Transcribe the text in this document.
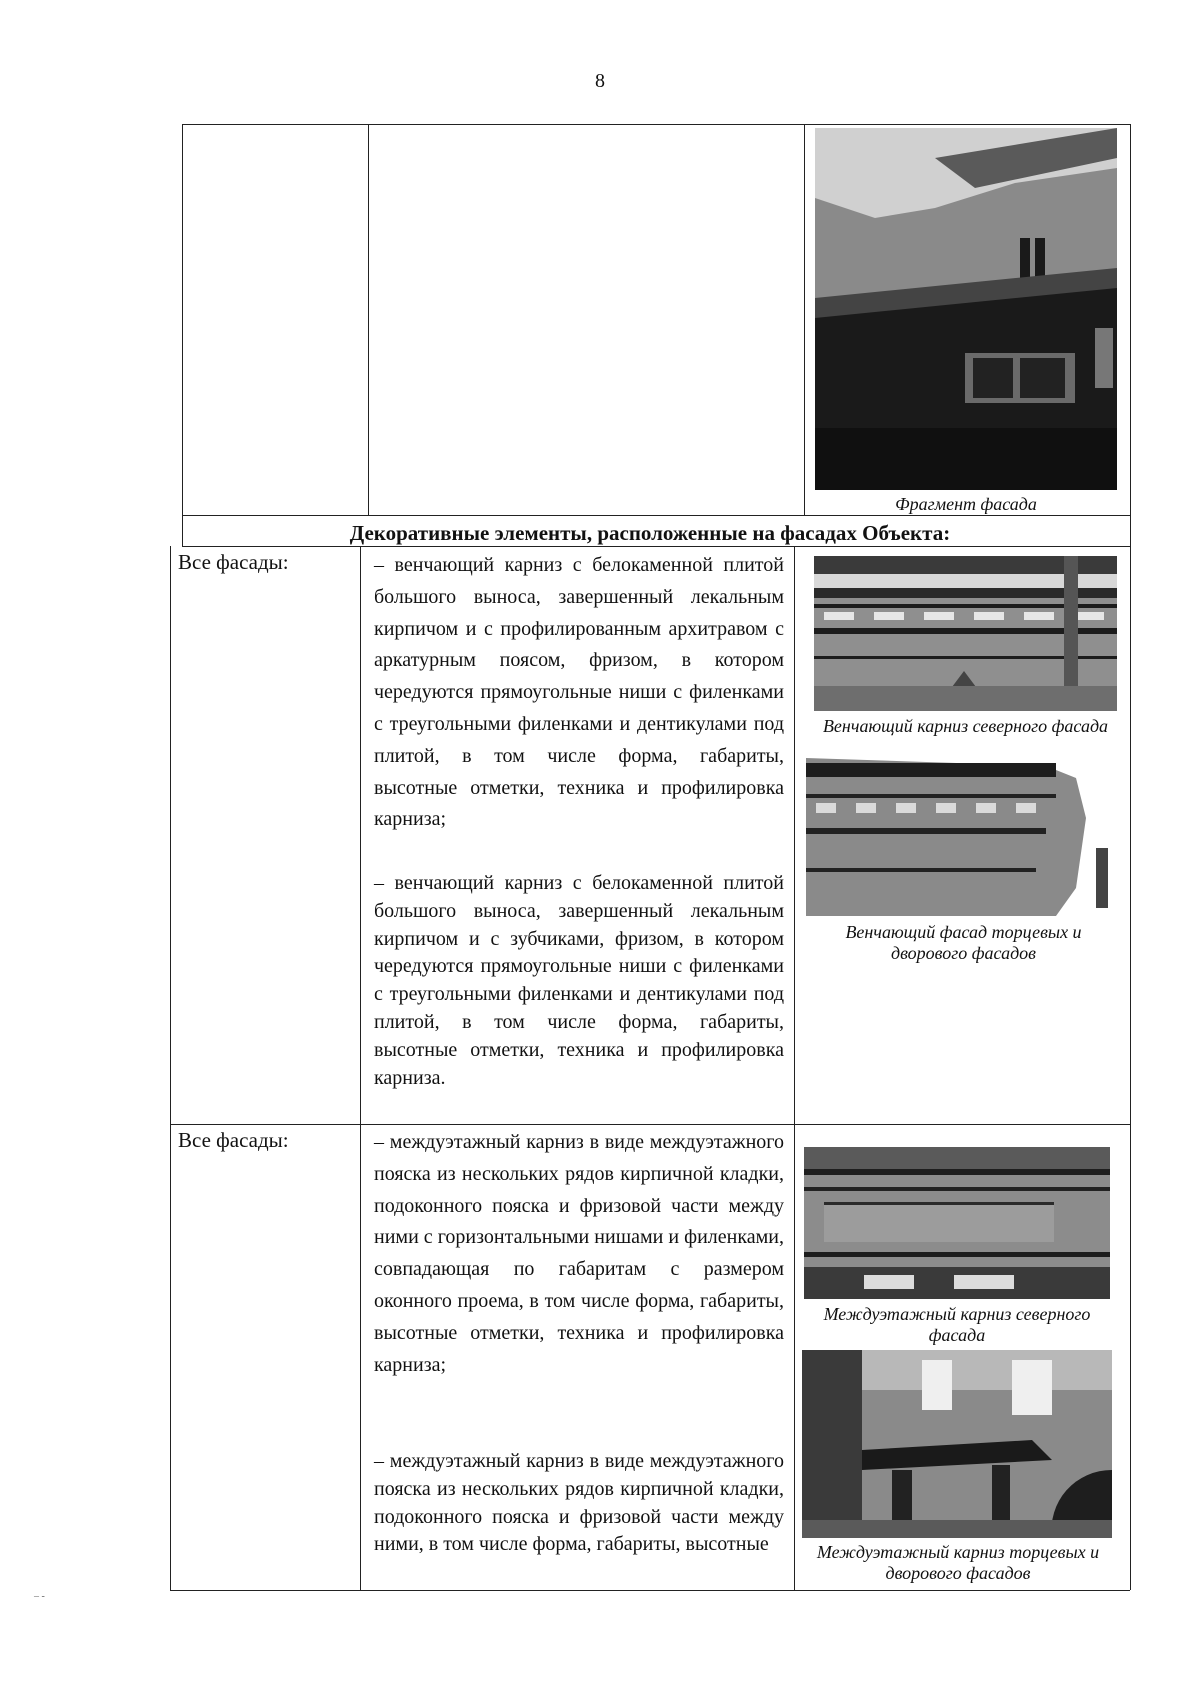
8
Фрагмент фасада
Декоративные элементы, расположенные на фасадах Объекта:
Все фасады:	– венчающий карниз с белокаменной плитой большого выноса, завершенный лекальным кирпичом и с профилированным архитравом с аркатурным поясом, фризом, в котором чередуются прямоугольные ниши с филенками с треугольными филенками и дентикулами под плитой, в том числе форма, габариты, высотные отметки, техника и профилировка карниза;

– венчающий карниз с белокаменной плитой большого выноса, завершенный лекальным кирпичом и с зубчиками, фризом, в котором чередуются прямоугольные ниши с филенками с треугольными филенками и дентикулами под плитой, в том числе форма, габариты, высотные отметки, техника и профилировка карниза.

Венчающий карниз северного фасада
Венчающий фасад торцевых и дворового фасадов
Все фасады:	– междуэтажный карниз в виде междуэтажного пояска из нескольких рядов кирпичной кладки, подоконного пояска и фризовой части между ними с горизонтальными нишами и филенками, совпадающая по габаритам с размером оконного проема, в том числе форма, габариты, высотные отметки, техника и профилировка карниза;

– междуэтажный карниз в виде междуэтажного пояска из нескольких рядов кирпичной кладки, подоконного пояска и фризовой части между ними, в том числе форма, габариты, высотные

Междуэтажный карниз северного фасада
Междуэтажный карниз торцевых и дворового фасадов
‒ ‑
